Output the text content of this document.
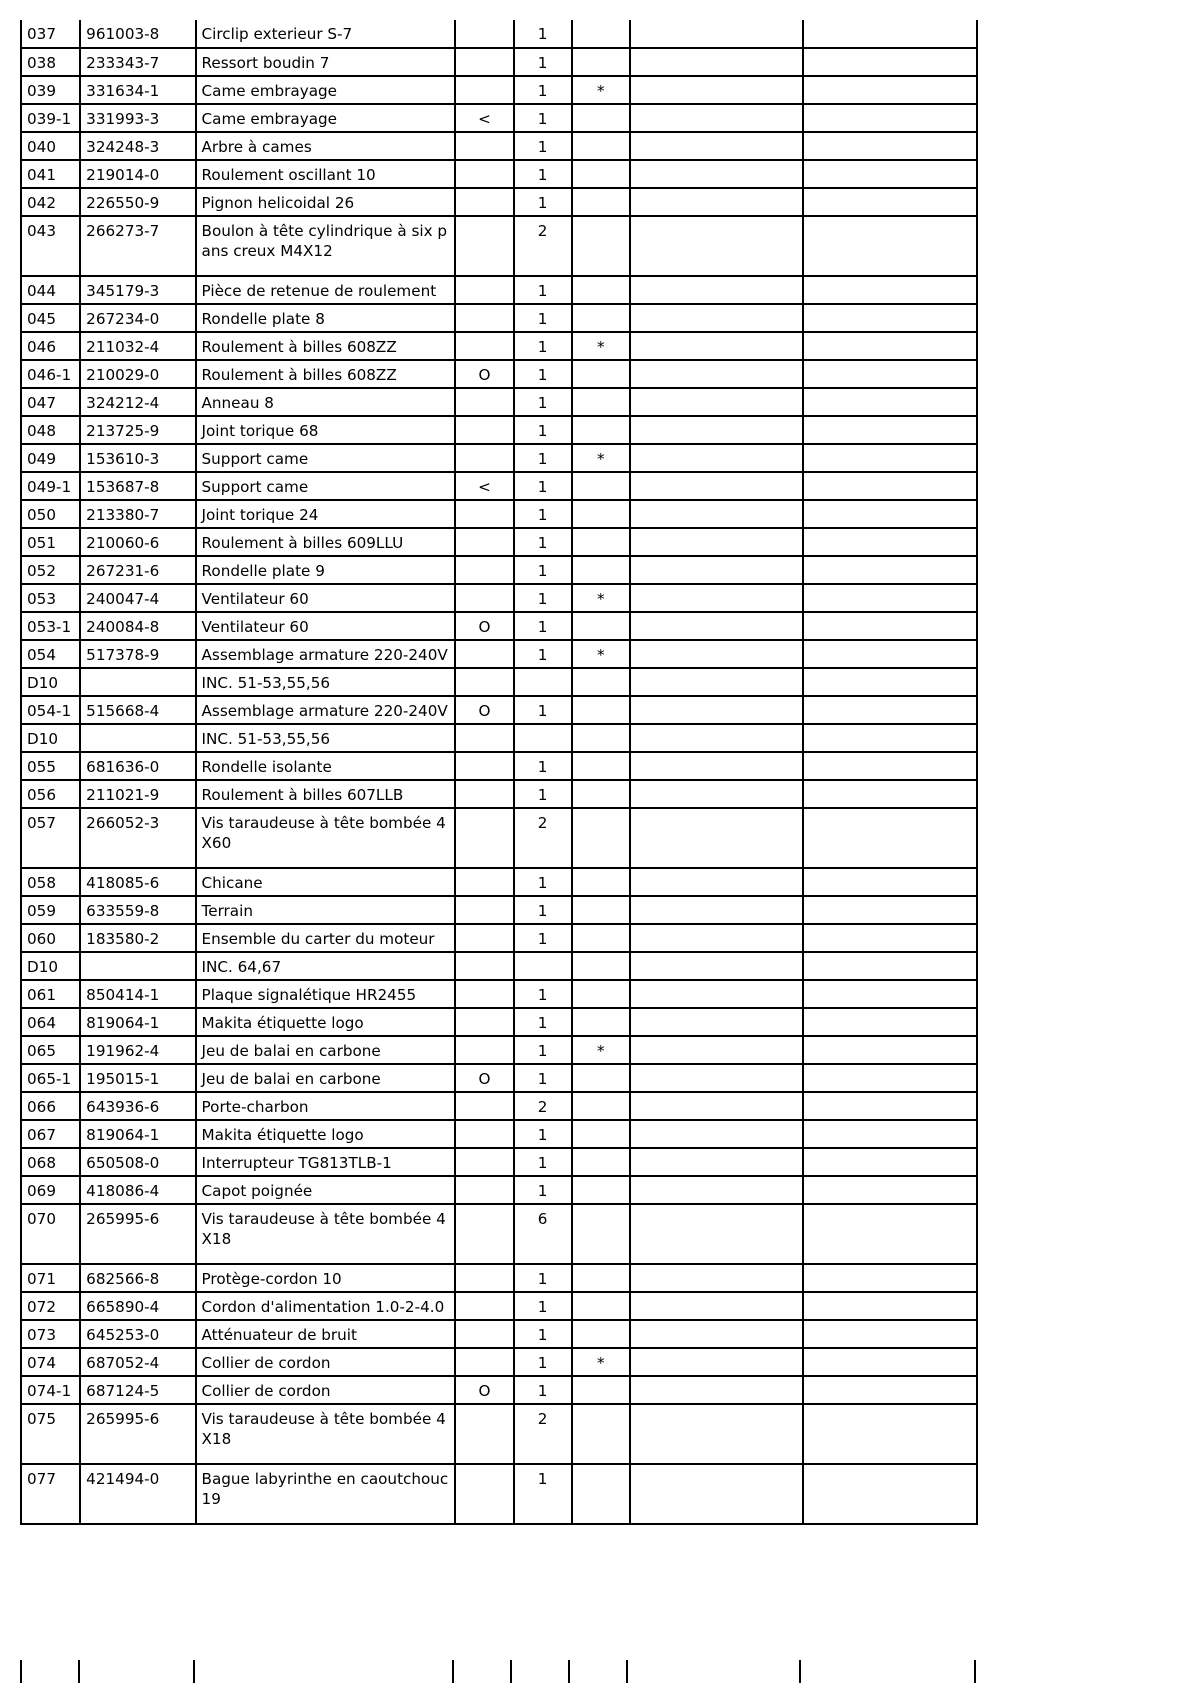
037	961003-8	Circlip exterieur S-7		1			
038	233343-7	Ressort boudin 7		1			
039	331634-1	Came embrayage		1	*		
039-1	331993-3	Came embrayage	<	1			
040	324248-3	Arbre à cames		1			
041	219014-0	Roulement oscillant 10		1			
042	226550-9	Pignon helicoidal 26		1			
043	266273-7	Boulon à tête cylindrique à six pans creux M4X12		2			
044	345179-3	Pièce de retenue de roulement		1			
045	267234-0	Rondelle plate 8		1			
046	211032-4	Roulement à billes 608ZZ		1	*		
046-1	210029-0	Roulement à billes 608ZZ	O	1			
047	324212-4	Anneau 8		1			
048	213725-9	Joint torique 68		1			
049	153610-3	Support came		1	*		
049-1	153687-8	Support came	<	1			
050	213380-7	Joint torique 24		1			
051	210060-6	Roulement à billes 609LLU		1			
052	267231-6	Rondelle plate 9		1			
053	240047-4	Ventilateur 60		1	*		
053-1	240084-8	Ventilateur 60	O	1			
054	517378-9	Assemblage armature 220-240V		1	*		
D10		INC. 51-53,55,56					
054-1	515668-4	Assemblage armature 220-240V	O	1			
D10		INC. 51-53,55,56					
055	681636-0	Rondelle isolante		1			
056	211021-9	Roulement à billes 607LLB		1			
057	266052-3	Vis taraudeuse à tête bombée 4X60		2			
058	418085-6	Chicane		1			
059	633559-8	Terrain		1			
060	183580-2	Ensemble du carter du moteur		1			
D10		INC. 64,67					
061	850414-1	Plaque signalétique HR2455		1			
064	819064-1	Makita étiquette logo		1			
065	191962-4	Jeu de balai en carbone		1	*		
065-1	195015-1	Jeu de balai en carbone	O	1			
066	643936-6	Porte-charbon		2			
067	819064-1	Makita étiquette logo		1			
068	650508-0	Interrupteur TG813TLB-1		1			
069	418086-4	Capot poignée		1			
070	265995-6	Vis taraudeuse à tête bombée 4X18		6			
071	682566-8	Protège-cordon 10		1			
072	665890-4	Cordon d'alimentation 1.0-2-4.0		1			
073	645253-0	Atténuateur de bruit		1			
074	687052-4	Collier de cordon		1	*		
074-1	687124-5	Collier de cordon	O	1			
075	265995-6	Vis taraudeuse à tête bombée 4X18		2			
077	421494-0	Bague labyrinthe en caoutchouc 19		1			
